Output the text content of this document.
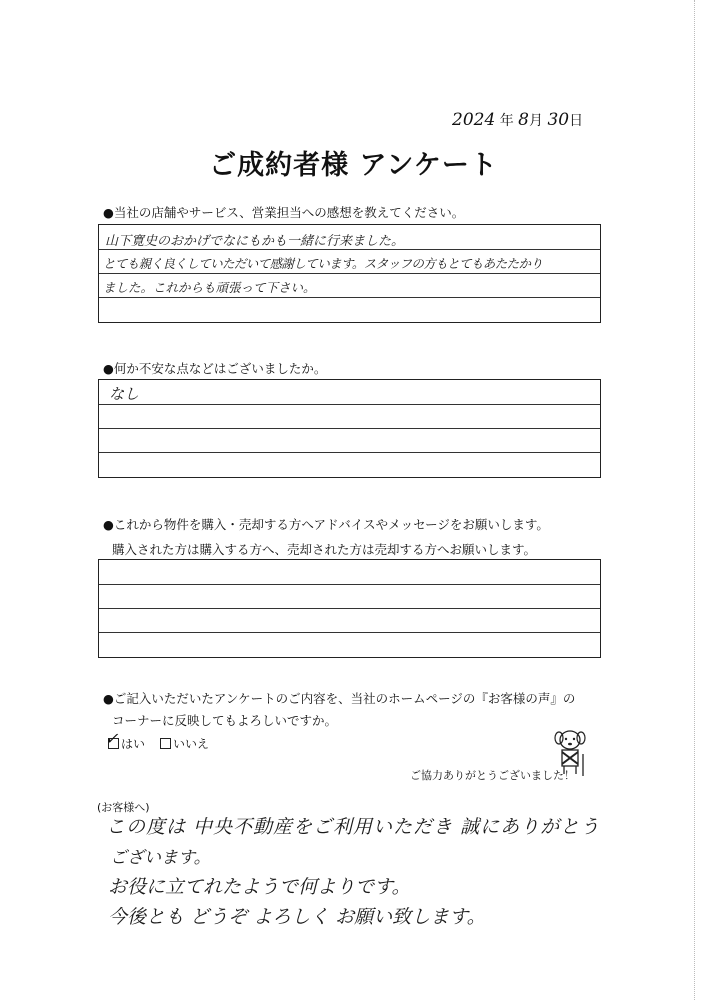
2024 年 8月 30日
ご成約者様 アンケート
●当社の店舗やサービス、営業担当への感想を教えてください。
山下寛史のおかげでなにもかも一緒に行来ました。
とても親く良くしていただいて感謝しています。スタッフの方もとてもあたたかり
ました。これからも頑張って下さい。
●何か不安な点などはございましたか。
なし
●これから物件を購入・売却する方へアドバイスやメッセージをお願いします。
購入された方は購入する方へ、売却された方は売却する方へお願いします。
●ご記入いただいたアンケートのご内容を、当社のホームページの『お客様の声』の
コーナーに反映してもよろしいですか。
✓ はい	いいえ
ご協力ありがとうございました！
(お客様へ)
この度は 中央不動産をご利用いただき 誠にありがとう
ございます。
お役に立てれたようで何よりです。
今後とも どうぞ よろしく お願い致します。
